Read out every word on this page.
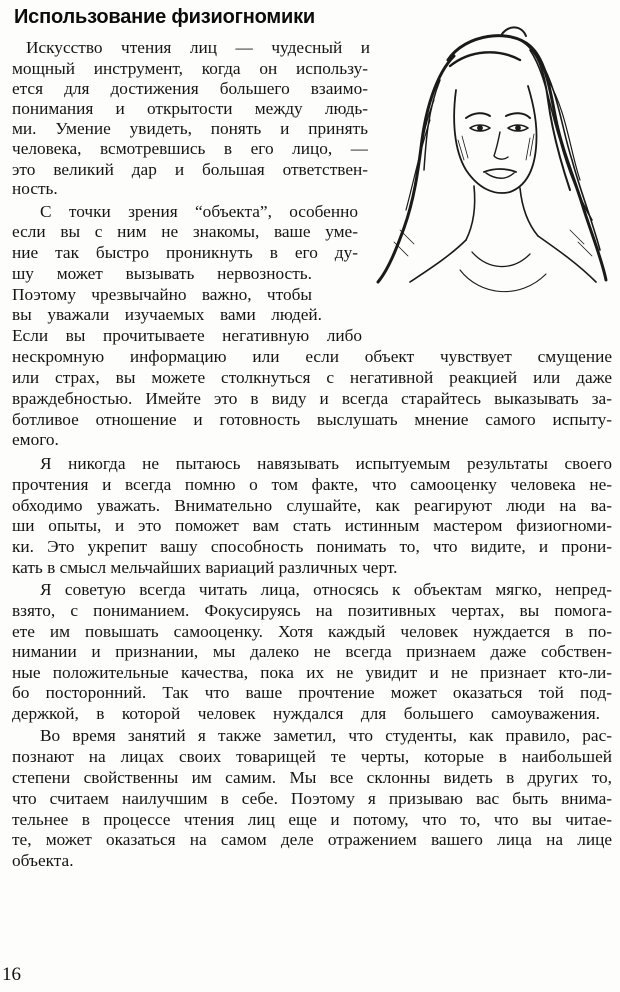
Использование физиогномики
Искусство чтения лиц — чудесный и
мощный инструмент, когда он использу-
ется для достижения большего взаимо-
понимания и открытости между людь-
ми. Умение увидеть, понять и принять
человека, всмотревшись в его лицо, —
это великий дар и большая ответствен-
ность.
С точки зрения “объекта”, особенно
если вы с ним не знакомы, ваше уме-
ние так быстро проникнуть в его ду-
шу может вызывать нервозность.
Поэтому чрезвычайно важно, чтобы
вы уважали изучаемых вами людей.
Если вы прочитываете негативную либо
нескромную информацию или если объект чувствует смущение
или страх, вы можете столкнуться с негативной реакцией или даже
враждебностью. Имейте это в виду и всегда старайтесь выказывать за-
ботливое отношение и готовность выслушать мнение самого испыту-
емого.
Я никогда не пытаюсь навязывать испытуемым результаты своего
прочтения и всегда помню о том факте, что самооценку человека не-
обходимо уважать. Внимательно слушайте, как реагируют люди на ва-
ши опыты, и это поможет вам стать истинным мастером физиогноми-
ки. Это укрепит вашу способность понимать то, что видите, и прони-
кать в смысл мельчайших вариаций различных черт.
Я советую всегда читать лица, относясь к объектам мягко, непред-
взято, с пониманием. Фокусируясь на позитивных чертах, вы помога-
ете им повышать самооценку. Хотя каждый человек нуждается в по-
нимании и признании, мы далеко не всегда признаем даже собствен-
ные положительные качества, пока их не увидит и не признает кто-ли-
бо посторонний. Так что ваше прочтение может оказаться той под-
держкой, в которой человек нуждался для большего самоуважения.
Во время занятий я также заметил, что студенты, как правило, рас-
познают на лицах своих товарищей те черты, которые в наибольшей
степени свойственны им самим. Мы все склонны видеть в других то,
что считаем наилучшим в себе. Поэтому я призываю вас быть внима-
тельнее в процессе чтения лиц еще и потому, что то, что вы читае-
те, может оказаться на самом деле отражением вашего лица на лице
объекта.
16
